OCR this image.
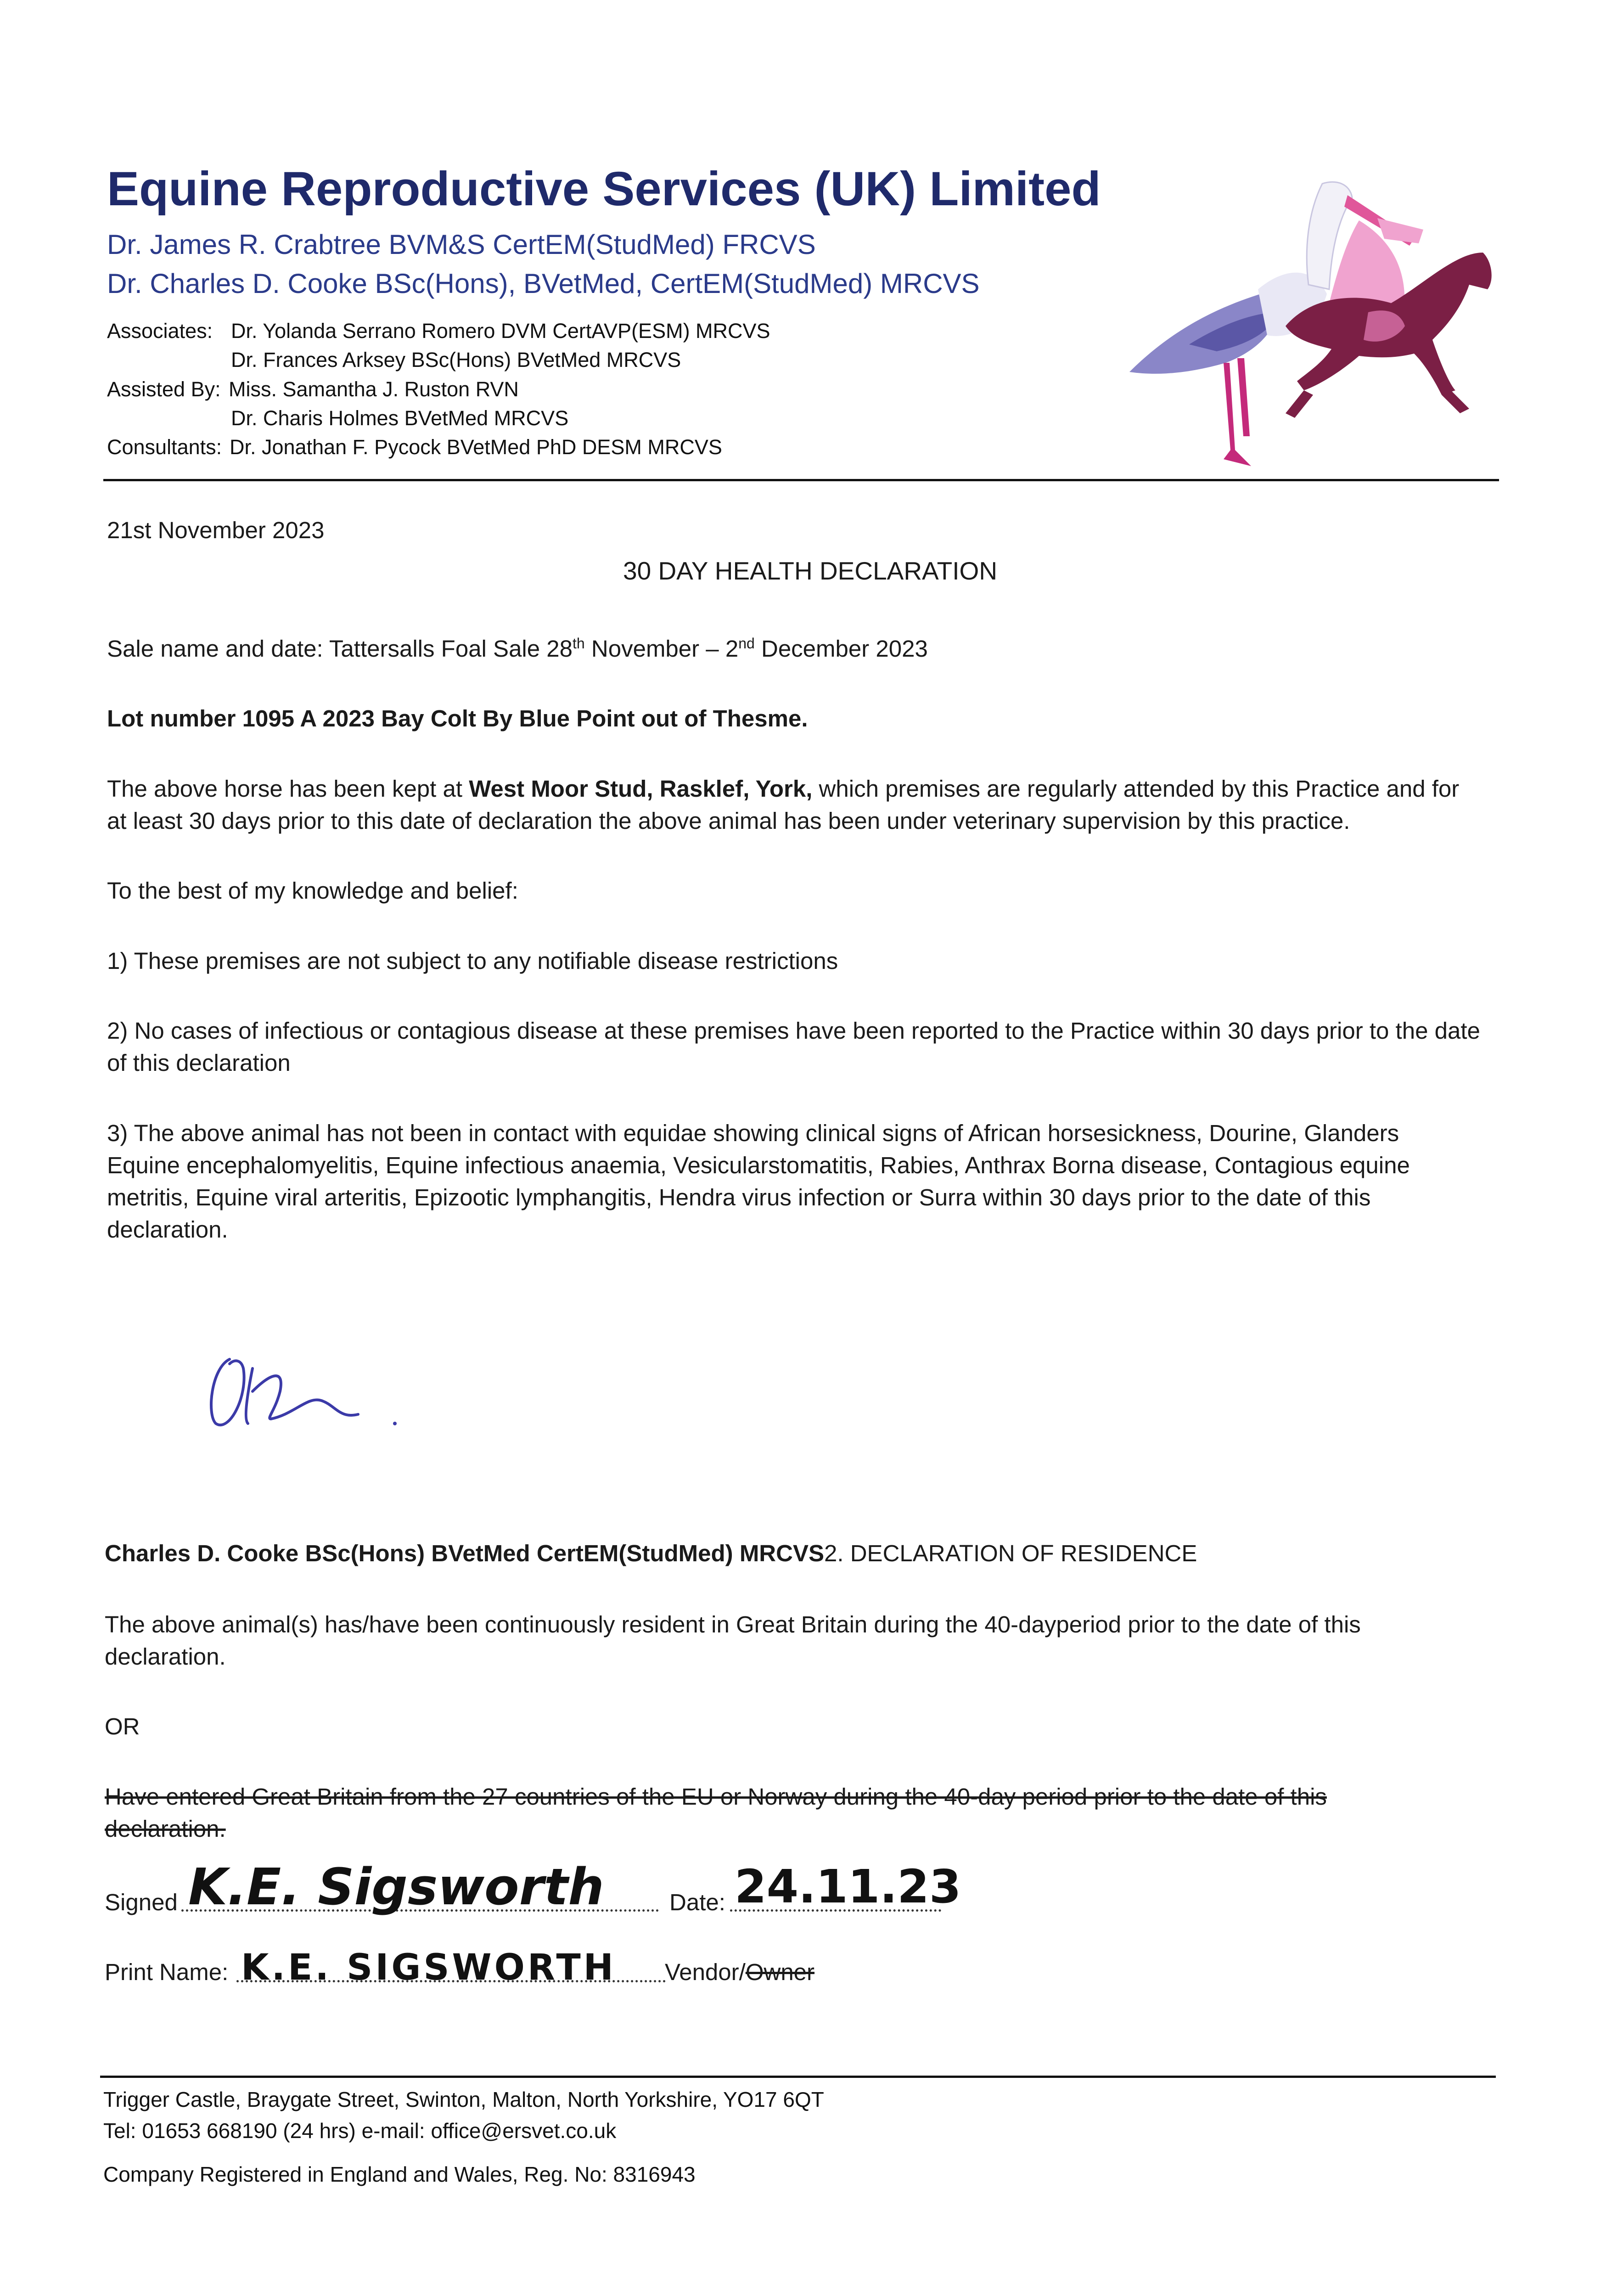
Equine Reproductive Services (UK) Limited
Dr. James R. Crabtree BVM&S CertEM(StudMed) FRCVS
Dr. Charles D. Cooke BSc(Hons), BVetMed, CertEM(StudMed) MRCVS
Associates: Dr. Yolanda Serrano Romero DVM CertAVP(ESM) MRCVS
Dr. Frances Arksey BSc(Hons) BVetMed MRCVS
Assisted By: Miss. Samantha J. Ruston RVN
Dr. Charis Holmes BVetMed MRCVS
Consultants: Dr. Jonathan F. Pycock BVetMed PhD DESM MRCVS
21st November 2023
30 DAY HEALTH DECLARATION
Sale name and date: Tattersalls Foal Sale 28th November – 2nd December 2023
Lot number 1095 A 2023 Bay Colt By Blue Point out of Thesme.
The above horse has been kept at West Moor Stud, Rasklef, York, which premises are regularly attended by this Practice and for at least 30 days prior to this date of declaration the above animal has been under veterinary supervision by this practice.
To the best of my knowledge and belief:
1) These premises are not subject to any notifiable disease restrictions
2) No cases of infectious or contagious disease at these premises have been reported to the Practice within 30 days prior to the date of this declaration
3) The above animal has not been in contact with equidae showing clinical signs of African horsesickness, Dourine, Glanders Equine encephalomyelitis, Equine infectious anaemia, Vesicularstomatitis, Rabies, Anthrax Borna disease, Contagious equine metritis, Equine viral arteritis, Epizootic lymphangitis, Hendra virus infection or Surra within 30 days prior to the date of this declaration.
Charles D. Cooke BSc(Hons) BVetMed CertEM(StudMed) MRCVS2. DECLARATION OF RESIDENCE
The above animal(s) has/have been continuously resident in Great Britain during the 40-dayperiod prior to the date of this declaration.
OR
Have entered Great Britain from the 27 countries of the EU or Norway during the 40-day period prior to the date of this declaration.
Signed K.E. Sigsworth	Date: 24.11.23
Print Name: K.E. SIGSWORTH Vendor/Owner
Trigger Castle, Braygate Street, Swinton, Malton, North Yorkshire, YO17 6QT
Tel: 01653 668190 (24 hrs) e-mail: office@ersvet.co.uk
Company Registered in England and Wales, Reg. No: 8316943
